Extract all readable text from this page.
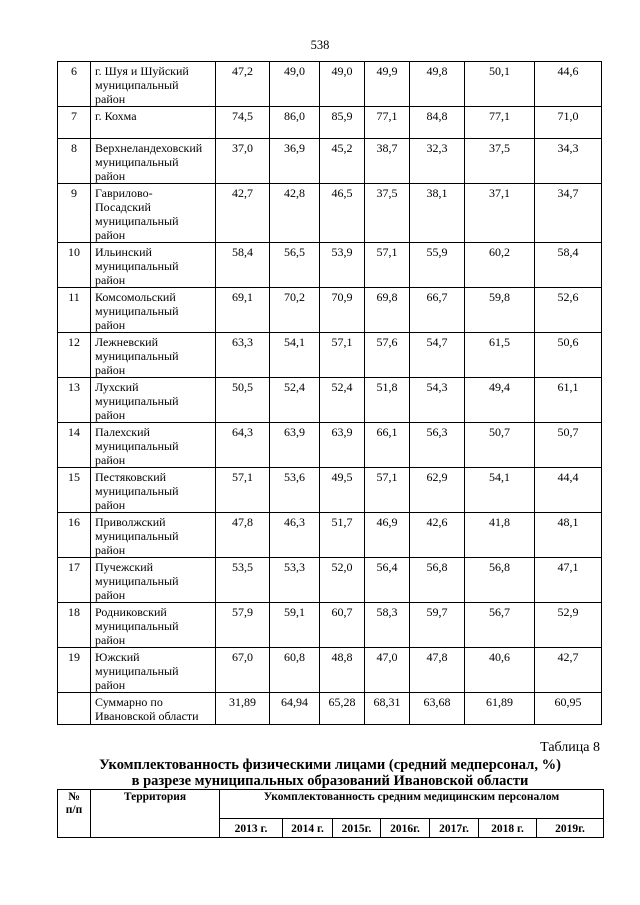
538
6	г. Шуя и Шуйский
муниципальный
район	47,2	49,0	49,0	49,9	49,8	50,1	44,6
7	г. Кохма	74,5	86,0	85,9	77,1	84,8	77,1	71,0
8	Верхнеландеховский
муниципальный
район	37,0	36,9	45,2	38,7	32,3	37,5	34,3
9	Гаврилово-
Посадский
муниципальный
район	42,7	42,8	46,5	37,5	38,1	37,1	34,7
10	Ильинский
муниципальный
район	58,4	56,5	53,9	57,1	55,9	60,2	58,4
11	Комсомольский
муниципальный
район	69,1	70,2	70,9	69,8	66,7	59,8	52,6
12	Лежневский
муниципальный
район	63,3	54,1	57,1	57,6	54,7	61,5	50,6
13	Лухский
муниципальный
район	50,5	52,4	52,4	51,8	54,3	49,4	61,1
14	Палехский
муниципальный
район	64,3	63,9	63,9	66,1	56,3	50,7	50,7
15	Пестяковский
муниципальный
район	57,1	53,6	49,5	57,1	62,9	54,1	44,4
16	Приволжский
муниципальный
район	47,8	46,3	51,7	46,9	42,6	41,8	48,1
17	Пучежский
муниципальный
район	53,5	53,3	52,0	56,4	56,8	56,8	47,1
18	Родниковский
муниципальный
район	57,9	59,1	60,7	58,3	59,7	56,7	52,9
19	Южский
муниципальный
район	67,0	60,8	48,8	47,0	47,8	40,6	42,7

	Суммарно по
Ивановской области	31,89	64,94	65,28	68,31	63,68	61,89	60,95
Таблица 8
Укомплектованность физическими лицами (средний медперсонал, %)
в разрезе муниципальных образований Ивановской области
№
п/п	Территория	Укомплектованность средним медицинским персоналом						
		2013 г.	2014 г.	2015г.	2016г.	2017г.	2018 г.	2019г.
